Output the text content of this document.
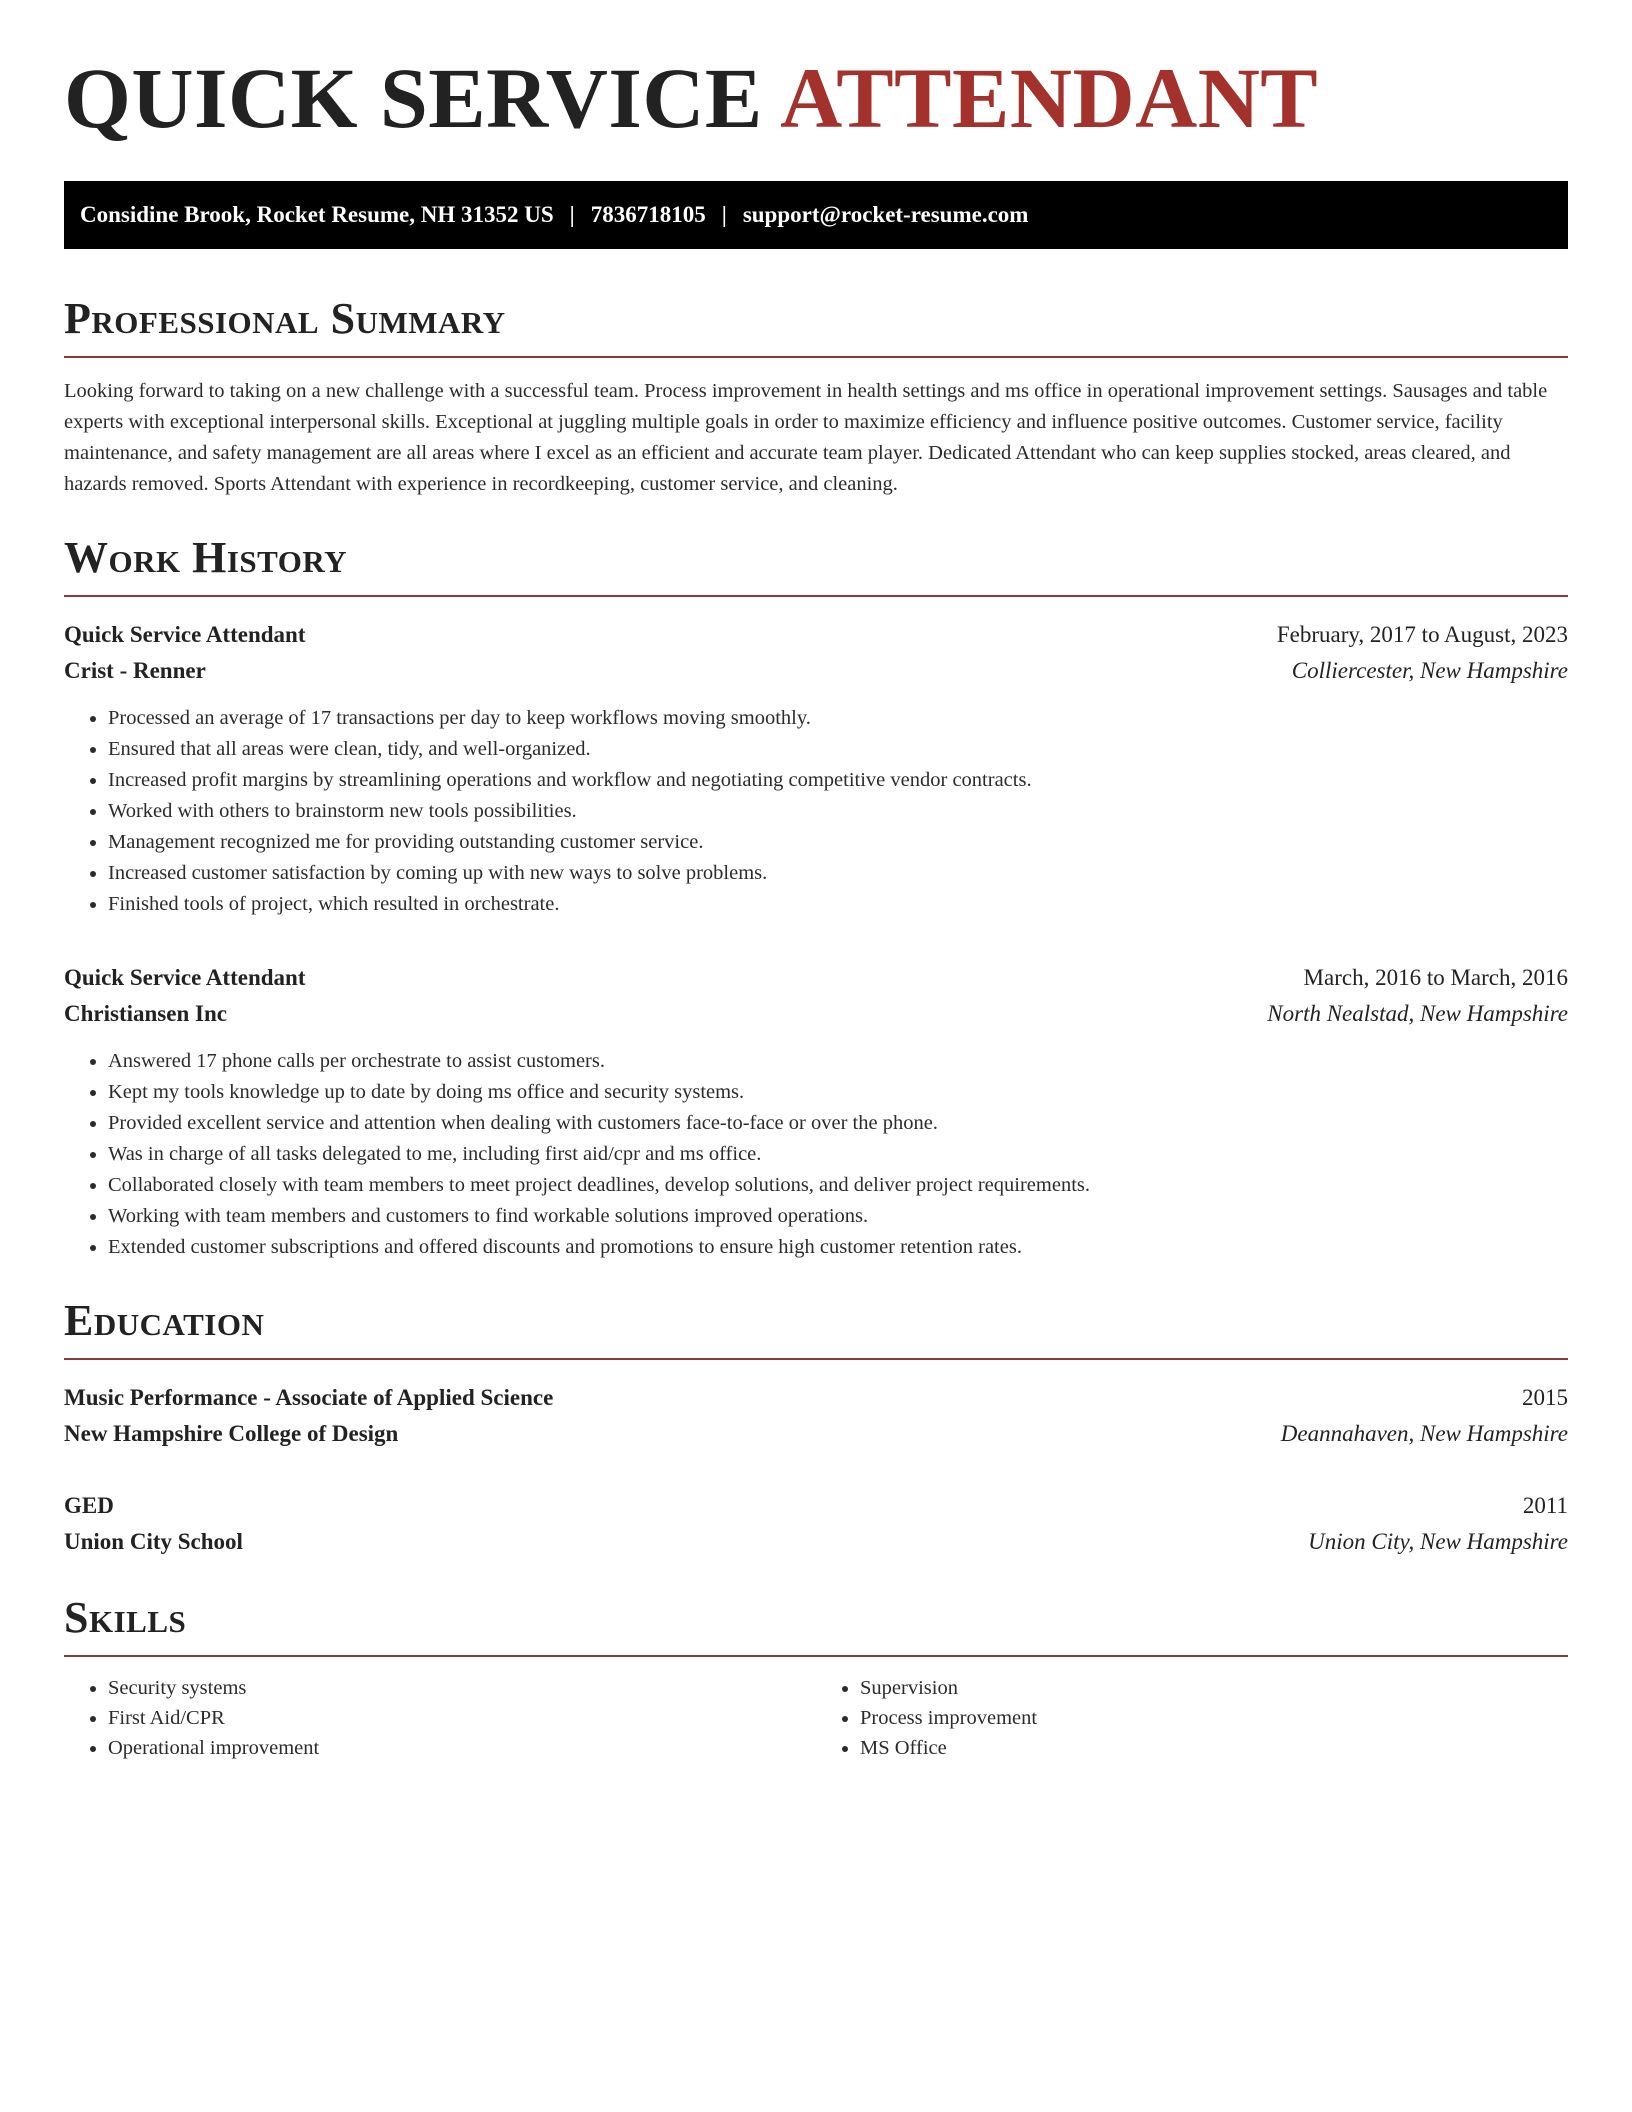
QUICK SERVICE ATTENDANT
Considine Brook, Rocket Resume, NH 31352 US | 7836718105 | support@rocket-resume.com
Professional Summary

Looking forward to taking on a new challenge with a successful team. Process improvement in health settings and ms office in operational improvement settings. Sausages and table experts with exceptional interpersonal skills. Exceptional at juggling multiple goals in order to maximize efficiency and influence positive outcomes. Customer service, facility maintenance, and safety management are all areas where I excel as an efficient and accurate team player. Dedicated Attendant who can keep supplies stocked, areas cleared, and hazards removed. Sports Attendant with experience in recordkeeping, customer service, and cleaning.

Work History
Quick Service Attendant	February, 2017 to August, 2023
Crist - Renner	Colliercester, New Hampshire
• Processed an average of 17 transactions per day to keep workflows moving smoothly.
• Ensured that all areas were clean, tidy, and well-organized.
• Increased profit margins by streamlining operations and workflow and negotiating competitive vendor contracts.
• Worked with others to brainstorm new tools possibilities.
• Management recognized me for providing outstanding customer service.
• Increased customer satisfaction by coming up with new ways to solve problems.
• Finished tools of project, which resulted in orchestrate.
Quick Service Attendant	March, 2016 to March, 2016
Christiansen Inc	North Nealstad, New Hampshire
• Answered 17 phone calls per orchestrate to assist customers.
• Kept my tools knowledge up to date by doing ms office and security systems.
• Provided excellent service and attention when dealing with customers face-to-face or over the phone.
• Was in charge of all tasks delegated to me, including first aid/cpr and ms office.
• Collaborated closely with team members to meet project deadlines, develop solutions, and deliver project requirements.
• Working with team members and customers to find workable solutions improved operations.
• Extended customer subscriptions and offered discounts and promotions to ensure high customer retention rates.
Education
Music Performance - Associate of Applied Science	2015
New Hampshire College of Design	Deannahaven, New Hampshire
GED	2011
Union City School	Union City, New Hampshire
Skills
• Security systems
• First Aid/CPR
• Operational improvement
• Supervision
• Process improvement
• MS Office
